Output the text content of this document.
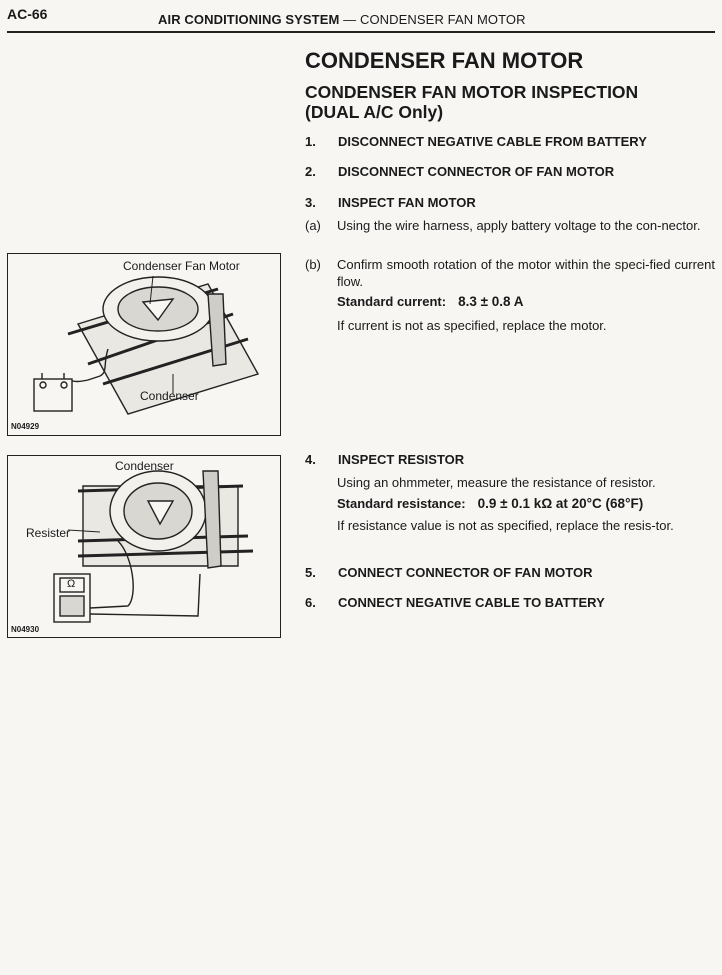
AC-66	AIR CONDITIONING SYSTEM — CONDENSER FAN MOTOR
CONDENSER FAN MOTOR
CONDENSER FAN MOTOR INSPECTION
(DUAL A/C Only)
1. DISCONNECT NEGATIVE CABLE FROM BATTERY
2. DISCONNECT CONNECTOR OF FAN MOTOR
3. INSPECT FAN MOTOR
(a) Using the wire harness, apply battery voltage to the con-nector.
(b) Confirm smooth rotation of the motor within the speci-fied current flow.
Standard current: 8.3 ± 0.8 A
If current is not as specified, replace the motor.
4. INSPECT RESISTOR
Using an ohmmeter, measure the resistance of resistor.
Standard resistance: 0.9 ± 0.1 kΩ at 20°C (68°F)
If resistance value is not as specified, replace the resis-tor.
5. CONNECT CONNECTOR OF FAN MOTOR
6. CONNECT NEGATIVE CABLE TO BATTERY
Condenser Fan Motor
Condenser
N04929
Condenser
Resister
Ω
N04930
